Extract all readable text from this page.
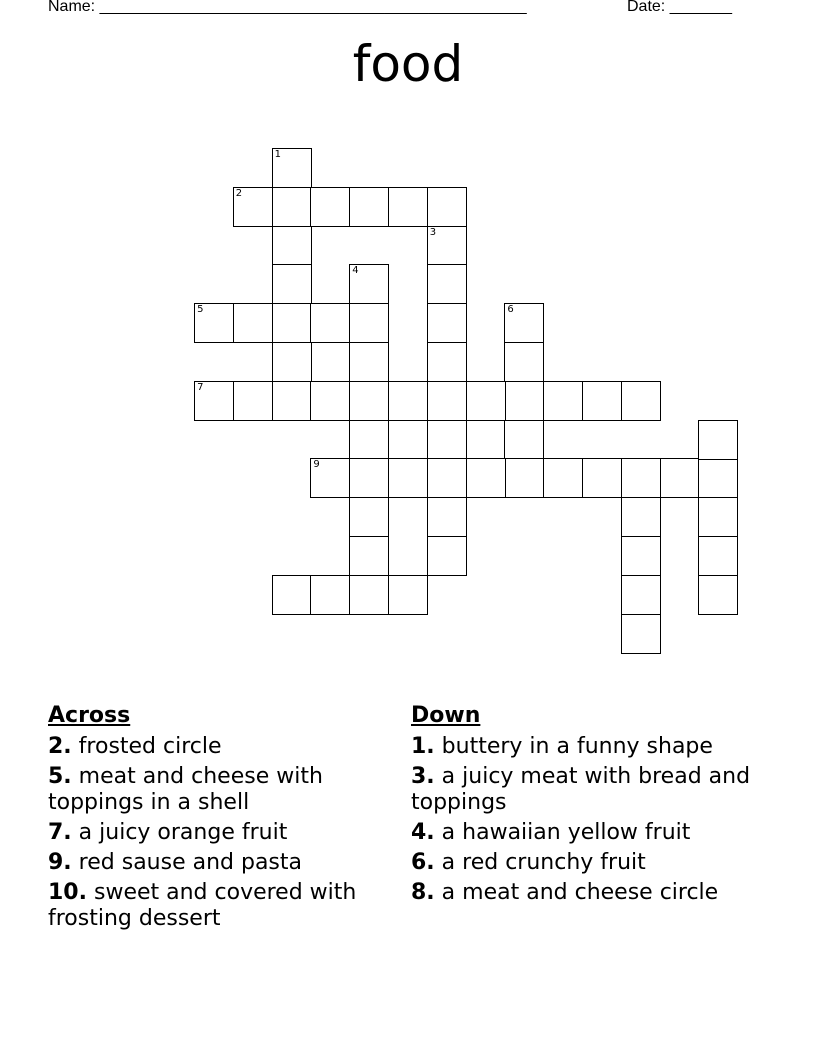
Name: ________________________________________________	Date: _______
food
1
2
3
4
6
5
7
9
Across
2. frosted circle
5. meat and cheese with toppings in a shell
7. a juicy orange fruit
9. red sause and pasta
10. sweet and covered with frosting dessert
Down
1. buttery in a funny shape
3. a juicy meat with bread and toppings
4. a hawaiian yellow fruit
6. a red crunchy fruit
8. a meat and cheese circle
